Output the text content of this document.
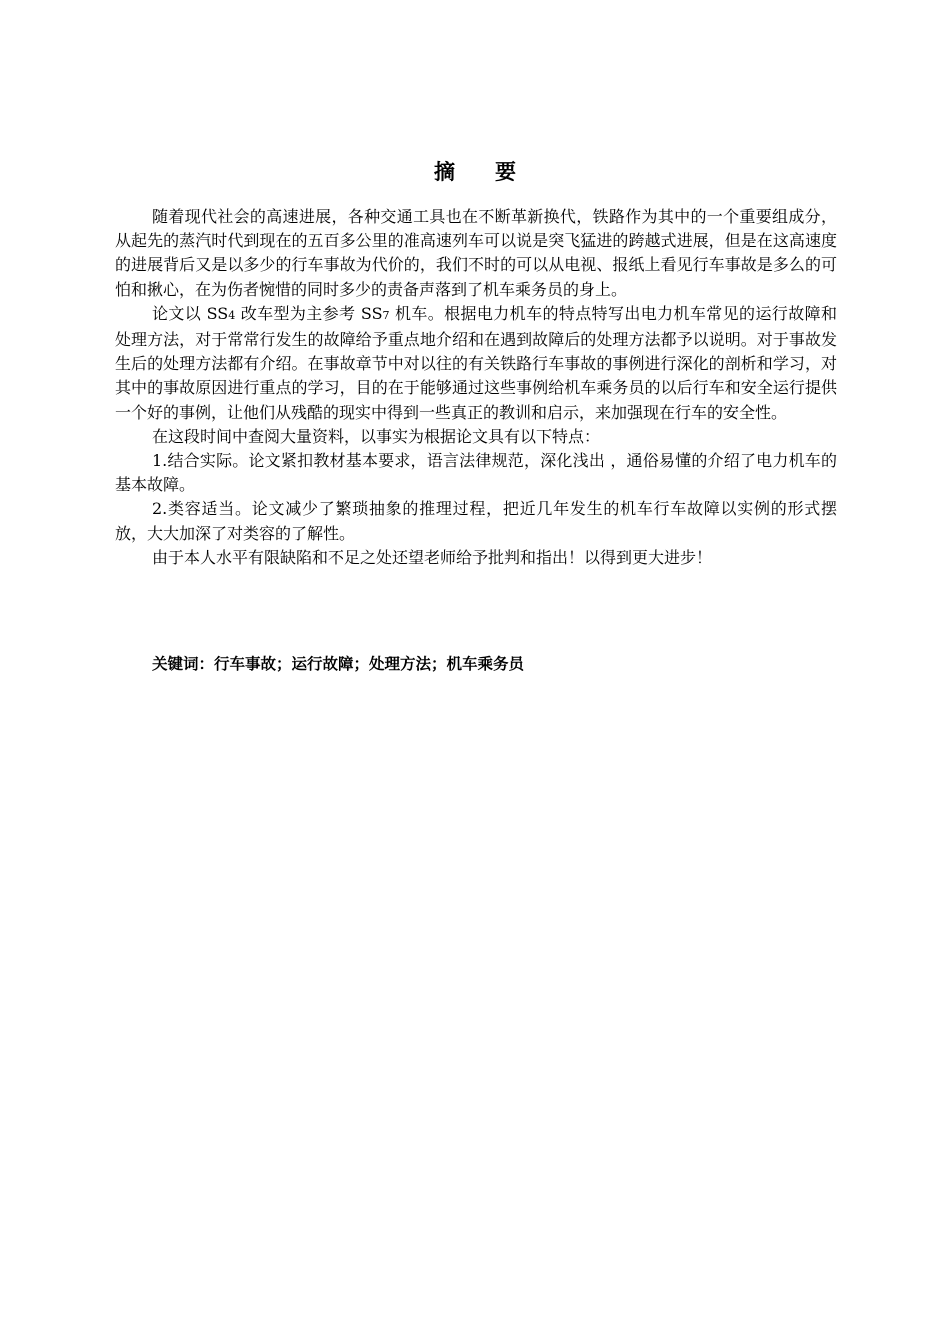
摘 要

随着现代社会的高速进展，各种交通工具也在不断革新换代，铁路作为其中的一个重要组成分，从起先的蒸汽时代到现在的五百多公里的准高速列车可以说是突飞猛进的跨越式进展，但是在这高速度的进展背后又是以多少的行车事故为代价的，我们不时的可以从电视、报纸上看见行车事故是多么的可怕和揪心，在为伤者惋惜的同时多少的责备声落到了机车乘务员的身上。

论文以 SS4 改车型为主参考 SS7 机车。根据电力机车的特点特写出电力机车常见的运行故障和处理方法，对于常常行发生的故障给予重点地介绍和在遇到故障后的处理方法都予以说明。对于事故发生后的处理方法都有介绍。在事故章节中对以往的有关铁路行车事故的事例进行深化的剖析和学习，对其中的事故原因进行重点的学习，目的在于能够通过这些事例给机车乘务员的以后行车和安全运行提供一个好的事例，让他们从残酷的现实中得到一些真正的教训和启示，来加强现在行车的安全性。

在这段时间中查阅大量资料，以事实为根据论文具有以下特点：

1.结合实际。论文紧扣教材基本要求，语言法律规范，深化浅出 ，通俗易懂的介绍了电力机车的基本故障。

2.类容适当。论文减少了繁琐抽象的推理过程，把近几年发生的机车行车故障以实例的形式摆放，大大加深了对类容的了解性。

由于本人水平有限缺陷和不足之处还望老师给予批判和指出！以得到更大进步！

关键词：行车事故；运行故障；处理方法；机车乘务员
